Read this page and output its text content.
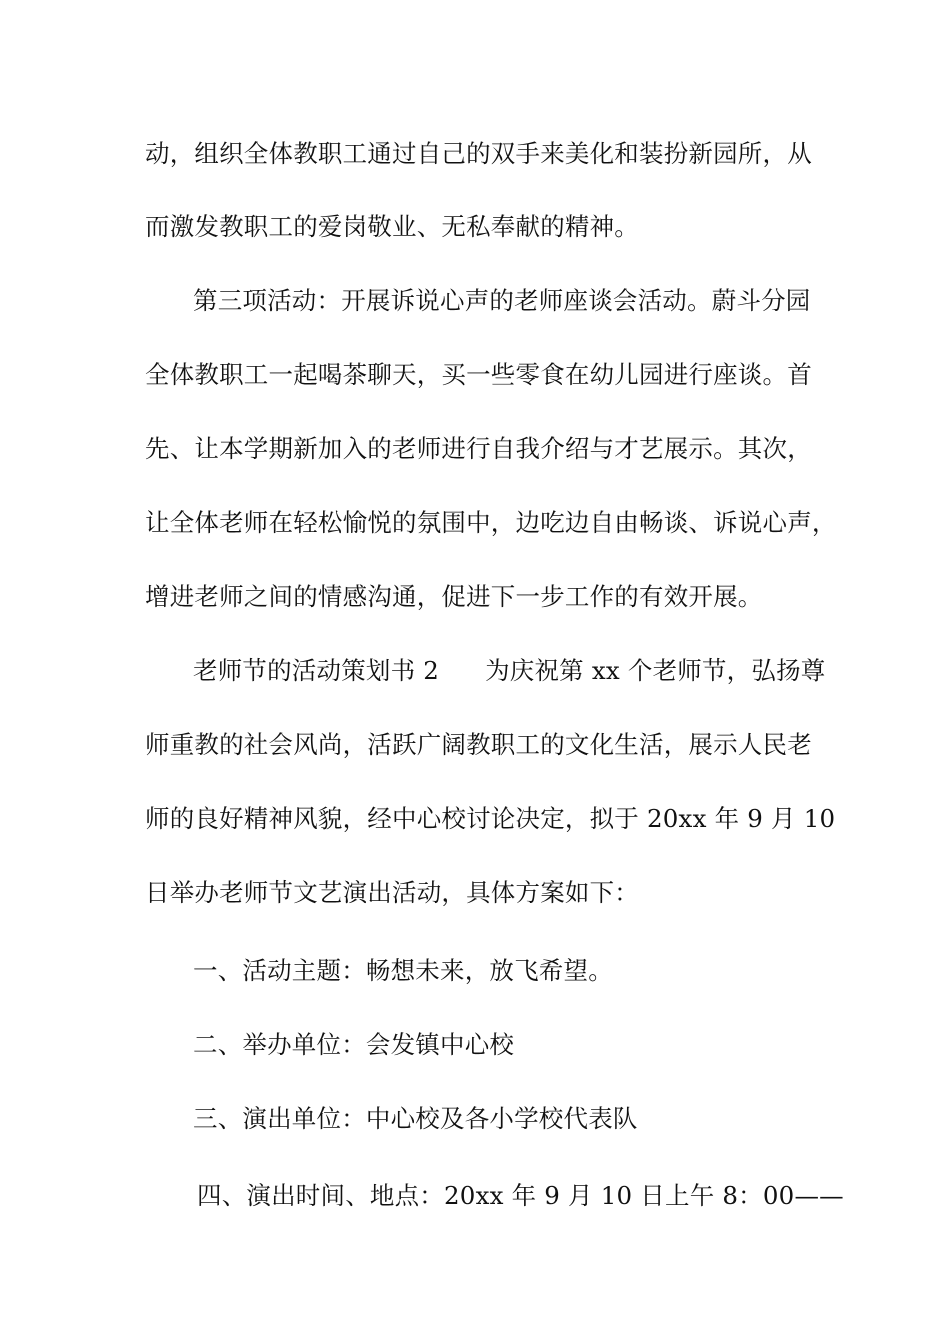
动，组织全体教职工通过自己的双手来美化和装扮新园所，从
而激发教职工的爱岗敬业、无私奉献的精神。
第三项活动：开展诉说心声的老师座谈会活动。蔚斗分园
全体教职工一起喝茶聊天，买一些零食在幼儿园进行座谈。首
先、让本学期新加入的老师进行自我介绍与才艺展示。其次，
让全体老师在轻松愉悦的氛围中，边吃边自由畅谈、诉说心声，
增进老师之间的情感沟通，促进下一步工作的有效开展。
老师节的活动策划书 2 为庆祝第 xx 个老师节，弘扬尊
师重教的社会风尚，活跃广阔教职工的文化生活，展示人民老
师的良好精神风貌，经中心校讨论决定，拟于 20xx 年 9 月 10
日举办老师节文艺演出活动，具体方案如下：
一、活动主题：畅想未来，放飞希望。
二、举办单位：会发镇中心校
三、演出单位：中心校及各小学校代表队
四、演出时间、地点：20xx 年 9 月 10 日上午 8：00——
